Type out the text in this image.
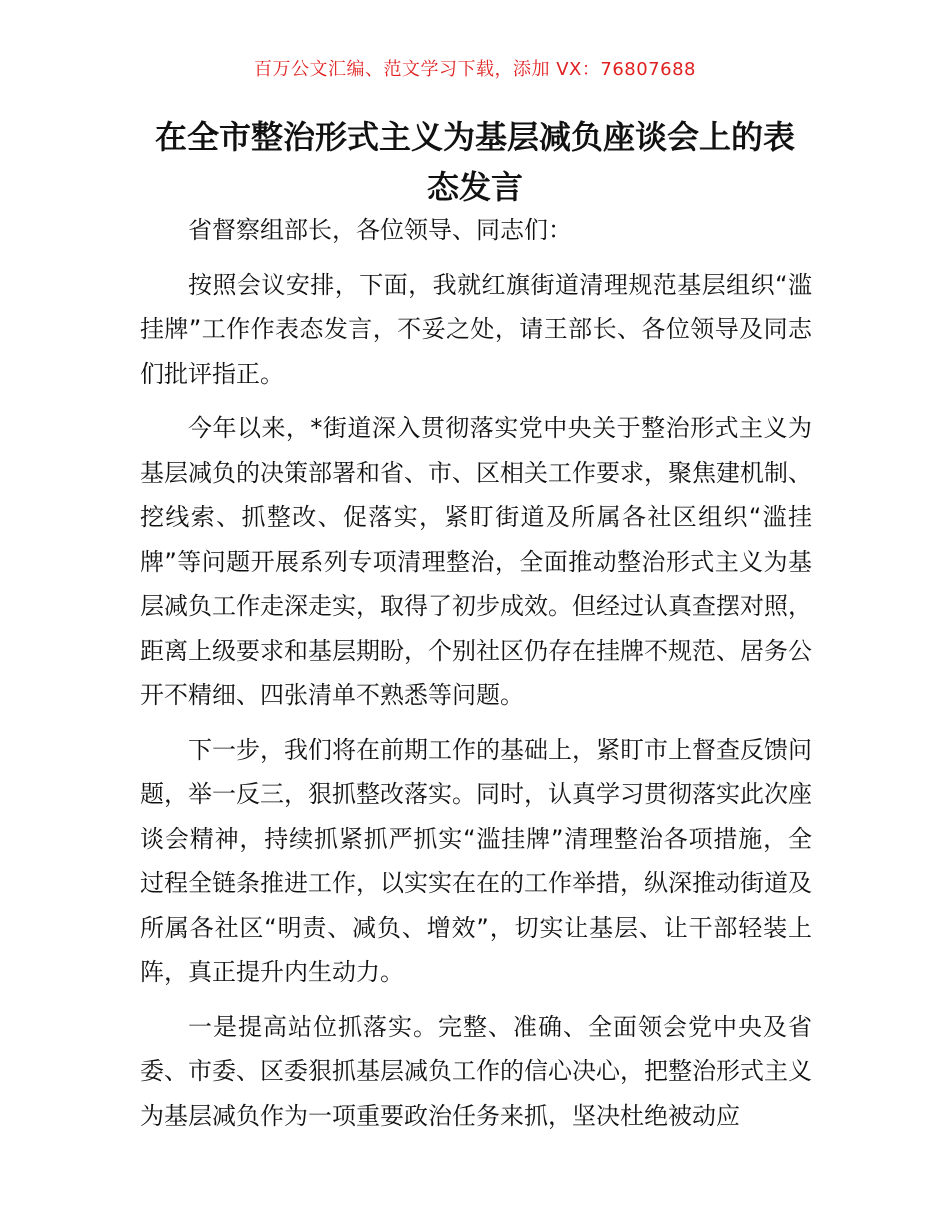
百万公文汇编、范文学习下载，添加 VX：76807688
在全市整治形式主义为基层减负座谈会上的表态发言

省督察组部长，各位领导、同志们：

按照会议安排，下面，我就红旗街道清理规范基层组织“滥挂牌”工作作表态发言，不妥之处，请王部长、各位领导及同志们批评指正。

今年以来，*街道深入贯彻落实党中央关于整治形式主义为基层减负的决策部署和省、市、区相关工作要求，聚焦建机制、挖线索、抓整改、促落实，紧盯街道及所属各社区组织“滥挂牌”等问题开展系列专项清理整治，全面推动整治形式主义为基层减负工作走深走实，取得了初步成效。但经过认真查摆对照，距离上级要求和基层期盼，个别社区仍存在挂牌不规范、居务公开不精细、四张清单不熟悉等问题。

下一步，我们将在前期工作的基础上，紧盯市上督查反馈问题，举一反三，狠抓整改落实。同时，认真学习贯彻落实此次座谈会精神，持续抓紧抓严抓实“滥挂牌”清理整治各项措施，全过程全链条推进工作，以实实在在的工作举措，纵深推动街道及所属各社区“明责、减负、增效”，切实让基层、让干部轻装上阵，真正提升内生动力。

一是提高站位抓落实。完整、准确、全面领会党中央及省委、市委、区委狠抓基层减负工作的信心决心，把整治形式主义为基层减负作为一项重要政治任务来抓，坚决杜绝被动应
